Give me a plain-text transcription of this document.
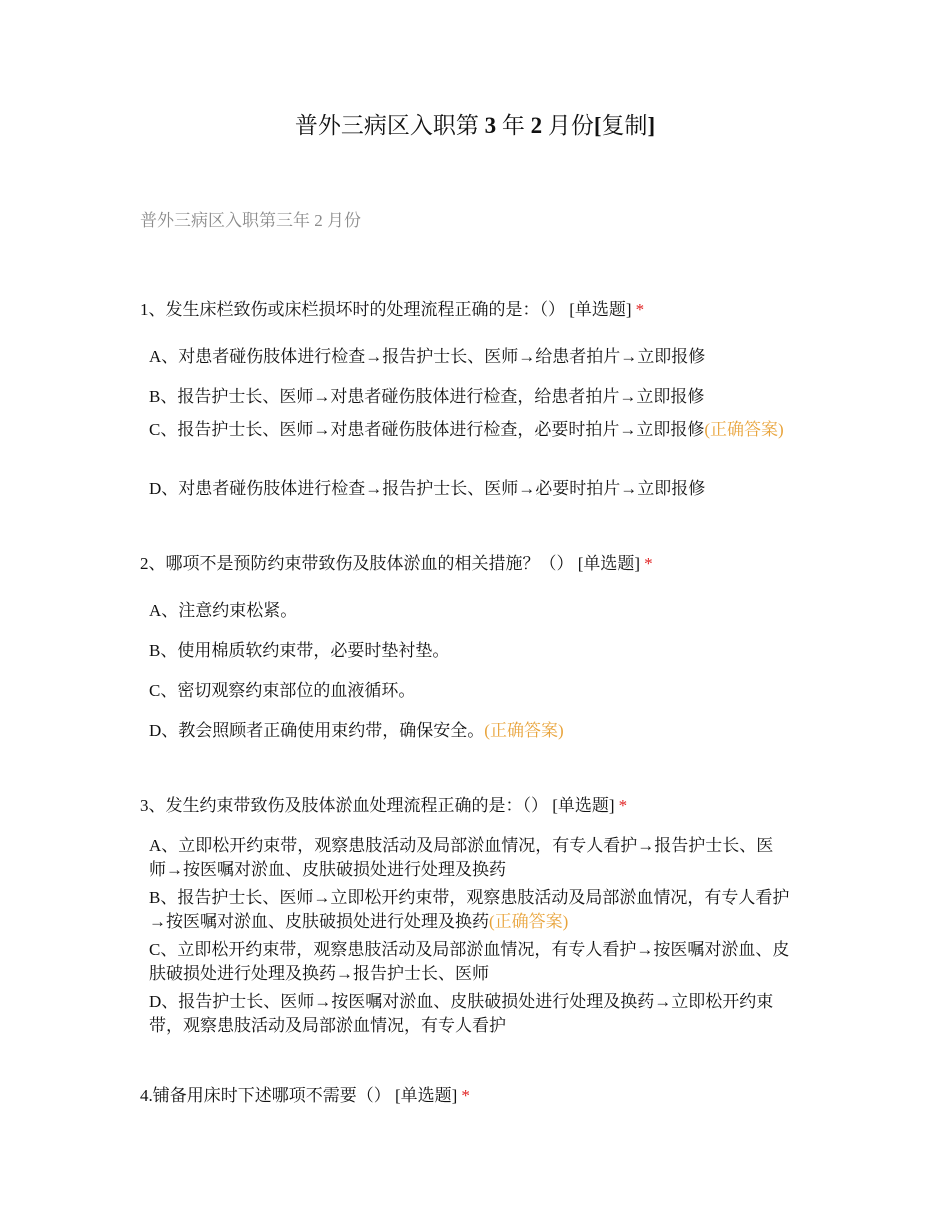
普外三病区入职第 3 年 2 月份[复制]
普外三病区入职第三年 2 月份
1、发生床栏致伤或床栏损坏时的处理流程正确的是：（） [单选题] *
A、对患者碰伤肢体进行检查→报告护士长、医师→给患者拍片→立即报修
B、报告护士长、医师→对患者碰伤肢体进行检查，给患者拍片→立即报修
C、报告护士长、医师→对患者碰伤肢体进行检查，必要时拍片→立即报修(正确答案)
D、对患者碰伤肢体进行检查→报告护士长、医师→必要时拍片→立即报修
2、哪项不是预防约束带致伤及肢体淤血的相关措施？（） [单选题] *
A、注意约束松紧。
B、使用棉质软约束带，必要时垫衬垫。
C、密切观察约束部位的血液循环。
D、教会照顾者正确使用束约带，确保安全。(正确答案)
3、发生约束带致伤及肢体淤血处理流程正确的是：（） [单选题] *
A、立即松开约束带，观察患肢活动及局部淤血情况，有专人看护→报告护士长、医师→按医嘱对淤血、皮肤破损处进行处理及换药
B、报告护士长、医师→立即松开约束带，观察患肢活动及局部淤血情况，有专人看护→按医嘱对淤血、皮肤破损处进行处理及换药(正确答案)
C、立即松开约束带，观察患肢活动及局部淤血情况，有专人看护→按医嘱对淤血、皮肤破损处进行处理及换药→报告护士长、医师
D、报告护士长、医师→按医嘱对淤血、皮肤破损处进行处理及换药→立即松开约束带，观察患肢活动及局部淤血情况，有专人看护
4.铺备用床时下述哪项不需要（） [单选题] *
